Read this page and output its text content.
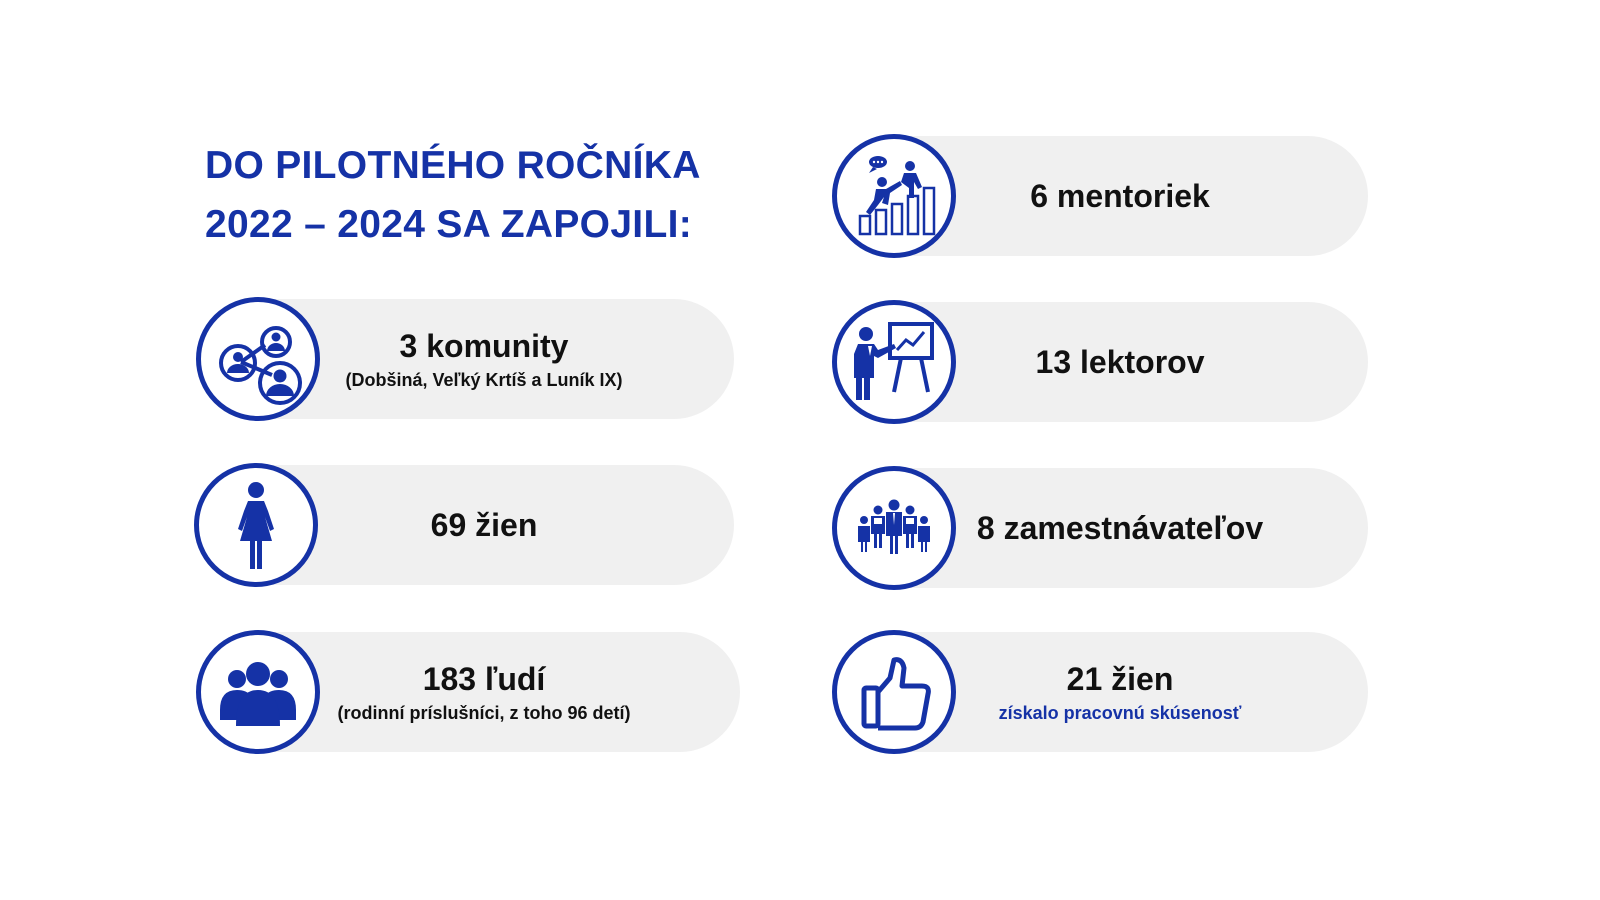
DO PILOTNÉHO ROČNÍKA
2022 – 2024 SA ZAPOJILI:
3 komunity
(Dobšiná, Veľký Krtíš a Luník IX)
69 žien
183 ľudí
(rodinní príslušníci, z toho 96 detí)
6 mentoriek
13 lektorov
8 zamestnávateľov
21 žien
získalo pracovnú skúsenosť
